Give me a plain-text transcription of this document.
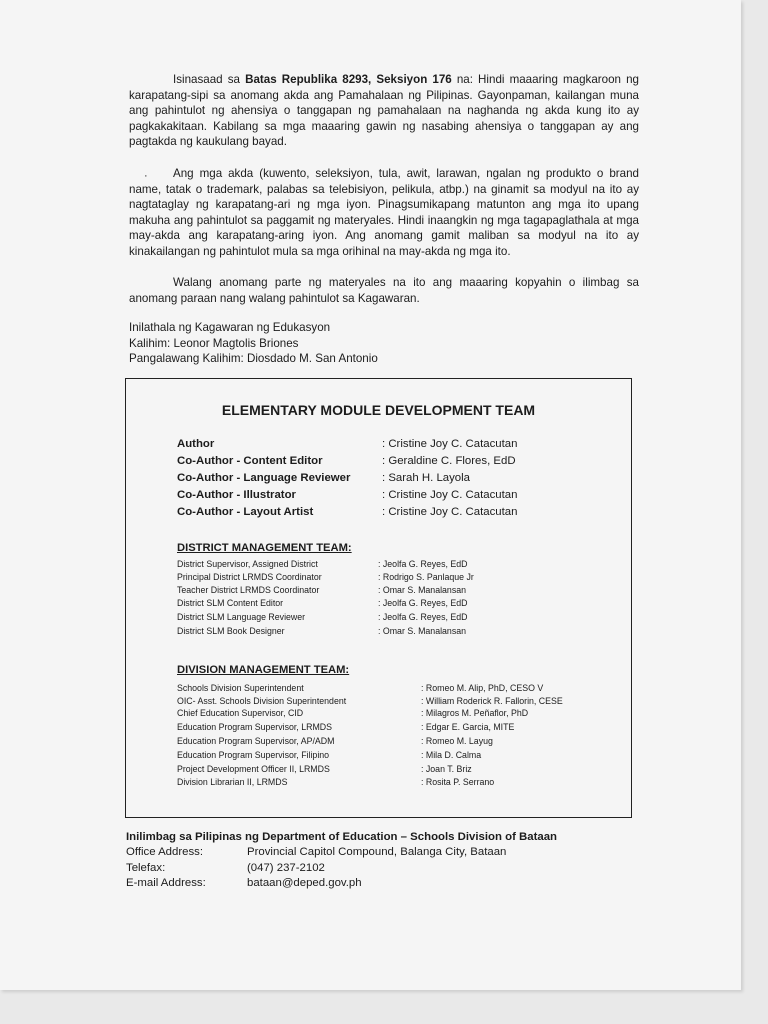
Isinasaad sa Batas Republika 8293, Seksiyon 176 na: Hindi maaaring magkaroon ng karapatang-sipi sa anomang akda ang Pamahalaan ng Pilipinas. Gayonpaman, kailangan muna ang pahintulot ng ahensiya o tanggapan ng pamahalaan na naghanda ng akda kung ito ay pagkakakitaan. Kabilang sa mga maaaring gawin ng nasabing ahensiya o tanggapan ay ang pagtakda ng kaukulang bayad.

·	Ang mga akda (kuwento, seleksiyon, tula, awit, larawan, ngalan ng produkto o brand name, tatak o trademark, palabas sa telebisiyon, pelikula, atbp.) na ginamit sa modyul na ito ay nagtataglay ng karapatang-ari ng mga iyon. Pinagsumikapang matunton ang mga ito upang makuha ang pahintulot sa paggamit ng materyales. Hindi inaangkin ng mga tagapaglathala at mga may-akda ang karapatang-aring iyon. Ang anomang gamit maliban sa modyul na ito ay kinakailangan ng pahintulot mula sa mga orihinal na may-akda ng mga ito.

Walang anomang parte ng materyales na ito ang maaaring kopyahin o ilimbag sa anomang paraan nang walang pahintulot sa Kagawaran.

Inilathala ng Kagawaran ng Edukasyon
Kalihim: Leonor Magtolis Briones
Pangalawang Kalihim: Diosdado M. San Antonio
ELEMENTARY MODULE DEVELOPMENT TEAM
Author	: Cristine Joy C. Catacutan
Co-Author - Content Editor	: Geraldine C. Flores, EdD
Co-Author - Language Reviewer	: Sarah H. Layola
Co-Author - Illustrator	: Cristine Joy C. Catacutan
Co-Author - Layout Artist	: Cristine Joy C. Catacutan
DISTRICT MANAGEMENT TEAM:
District Supervisor, Assigned District	: Jeolfa G. Reyes, EdD
Principal District LRMDS Coordinator	: Rodrigo S. Panlaque Jr
Teacher District LRMDS Coordinator	: Omar S. Manalansan
District SLM Content Editor	: Jeolfa G. Reyes, EdD
District SLM Language Reviewer	: Jeolfa G. Reyes, EdD
District SLM Book Designer	: Omar S. Manalansan
DIVISION MANAGEMENT TEAM:
Schools Division Superintendent	: Romeo M. Alip, PhD, CESO V
OIC- Asst. Schools Division Superintendent	: William Roderick R. Fallorin, CESE
Chief Education Supervisor, CID	: Milagros M. Peñaflor, PhD
Education Program Supervisor, LRMDS	: Edgar E. Garcia, MITE
Education Program Supervisor, AP/ADM	: Romeo M. Layug
Education Program Supervisor, Filipino	: Mila D. Calma
Project Development Officer II, LRMDS	: Joan T. Briz
Division Librarian II, LRMDS	: Rosita P. Serrano
Inilimbag sa Pilipinas ng Department of Education – Schools Division of Bataan
Office Address:	Provincial Capitol Compound, Balanga City, Bataan
Telefax:	(047) 237-2102
E-mail Address:	bataan@deped.gov.ph
